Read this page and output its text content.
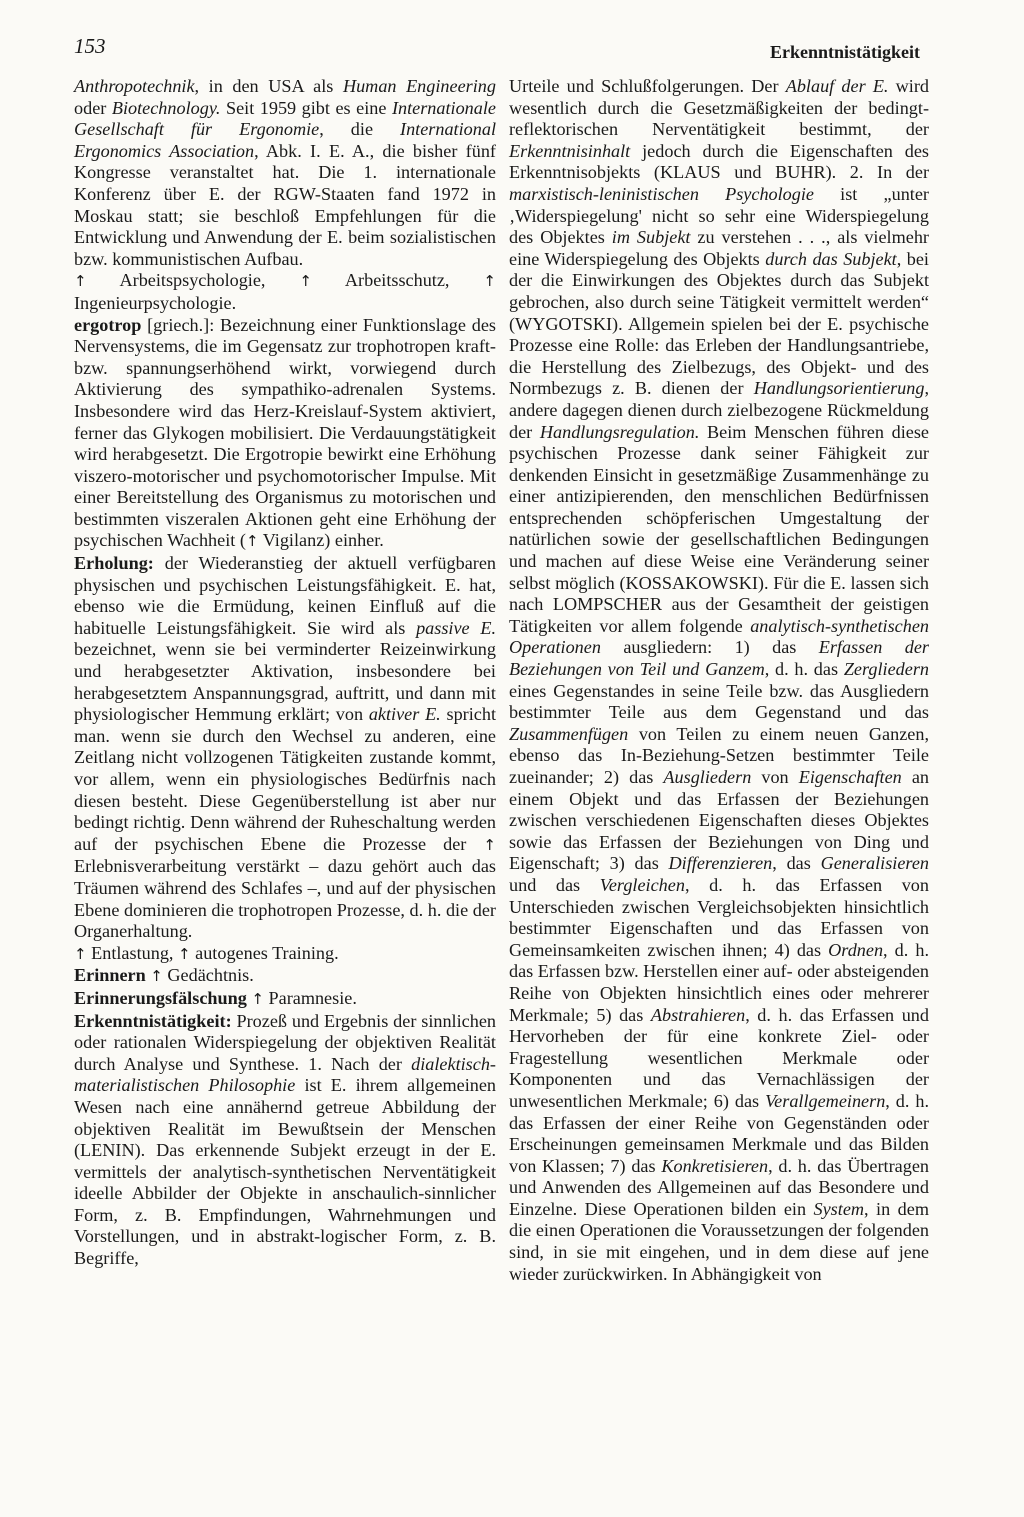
153	Erkenntnistätigkeit

Anthropotechnik, in den USA als Human Engineering oder Biotechnology. Seit 1959 gibt es eine Internationale Gesellschaft für Ergonomie, die International Ergonomics Association, Abk. I. E. A., die bisher fünf Kongresse veranstaltet hat. Die 1. internationale Konferenz über E. der RGW-Staaten fand 1972 in Moskau statt; sie beschloß Empfehlungen für die Entwicklung und Anwendung der E. beim sozialistischen bzw. kommunistischen Aufbau.

↑ Arbeitspsychologie, ↑ Arbeitsschutz, ↑ Ingenieurpsychologie.

ergotrop [griech.]: Bezeichnung einer Funktionslage des Nervensystems, die im Gegensatz zur trophotropen kraft- bzw. spannungserhöhend wirkt, vorwiegend durch Aktivierung des sympathiko-adrenalen Systems. Insbesondere wird das Herz-Kreislauf-System aktiviert, ferner das Glykogen mobilisiert. Die Verdauungstätigkeit wird herabgesetzt. Die Ergotropie bewirkt eine Erhöhung viszero-motorischer und psychomotorischer Impulse. Mit einer Bereitstellung des Organismus zu motorischen und bestimmten viszeralen Aktionen geht eine Erhöhung der psychischen Wachheit (↑ Vigilanz) einher.

Erholung: der Wiederanstieg der aktuell verfügbaren physischen und psychischen Leistungsfähigkeit. E. hat, ebenso wie die Ermüdung, keinen Einfluß auf die habituelle Leistungsfähigkeit. Sie wird als passive E. bezeichnet, wenn sie bei verminderter Reizeinwirkung und herabgesetzter Aktivation, insbesondere bei herabgesetztem Anspannungsgrad, auftritt, und dann mit physiologischer Hemmung erklärt; von aktiver E. spricht man. wenn sie durch den Wechsel zu anderen, eine Zeitlang nicht vollzogenen Tätigkeiten zustande kommt, vor allem, wenn ein physiologisches Bedürfnis nach diesen besteht. Diese Gegenüberstellung ist aber nur bedingt richtig. Denn während der Ruheschaltung werden auf der psychischen Ebene die Prozesse der ↑ Erlebnisverarbeitung verstärkt – dazu gehört auch das Träumen während des Schlafes –, und auf der physischen Ebene dominieren die trophotropen Prozesse, d. h. die der Organerhaltung.

↑ Entlastung, ↑ autogenes Training.

Erinnern ↑ Gedächtnis.

Erinnerungsfälschung ↑ Paramnesie.

Erkenntnistätigkeit: Prozeß und Ergebnis der sinnlichen oder rationalen Widerspiegelung der objektiven Realität durch Analyse und Synthese. 1. Nach der dialektisch-materialistischen Philosophie ist E. ihrem allgemeinen Wesen nach eine annähernd getreue Abbildung der objektiven Realität im Bewußtsein der Menschen (LENIN). Das erkennende Subjekt erzeugt in der E. vermittels der analytisch-synthetischen Nerventätigkeit ideelle Abbilder der Objekte in anschaulich-sinnlicher Form, z. B. Empfindungen, Wahrnehmungen und Vorstellungen, und in abstrakt-logischer Form, z. B. Begriffe,

Urteile und Schlußfolgerungen. Der Ablauf der E. wird wesentlich durch die Gesetzmäßigkeiten der bedingt-reflektorischen Nerventätigkeit bestimmt, der Erkenntnisinhalt jedoch durch die Eigenschaften des Erkenntnisobjekts (KLAUS und BUHR). 2. In der marxistisch-leninistischen Psychologie ist „unter ‚Widerspiegelung' nicht so sehr eine Widerspiegelung des Objektes im Subjekt zu verstehen . . ., als vielmehr eine Widerspiegelung des Objekts durch das Subjekt, bei der die Einwirkungen des Objektes durch das Subjekt gebrochen, also durch seine Tätigkeit vermittelt werden“ (WYGOTSKI). Allgemein spielen bei der E. psychische Prozesse eine Rolle: das Erleben der Handlungsantriebe, die Herstellung des Zielbezugs, des Objekt- und des Normbezugs z. B. dienen der Handlungsorientierung, andere dagegen dienen durch zielbezogene Rückmeldung der Handlungsregulation. Beim Menschen führen diese psychischen Prozesse dank seiner Fähigkeit zur denkenden Einsicht in gesetzmäßige Zusammenhänge zu einer antizipierenden, den menschlichen Bedürfnissen entsprechenden schöpferischen Umgestaltung der natürlichen sowie der gesellschaftlichen Bedingungen und machen auf diese Weise eine Veränderung seiner selbst möglich (KOSSAKOWSKI). Für die E. lassen sich nach LOMPSCHER aus der Gesamtheit der geistigen Tätigkeiten vor allem folgende analytisch-synthetischen Operationen ausgliedern: 1) das Erfassen der Beziehungen von Teil und Ganzem, d. h. das Zergliedern eines Gegenstandes in seine Teile bzw. das Ausgliedern bestimmter Teile aus dem Gegenstand und das Zusammenfügen von Teilen zu einem neuen Ganzen, ebenso das In-Beziehung-Setzen bestimmter Teile zueinander; 2) das Ausgliedern von Eigenschaften an einem Objekt und das Erfassen der Beziehungen zwischen verschiedenen Eigenschaften dieses Objektes sowie das Erfassen der Beziehungen von Ding und Eigenschaft; 3) das Differenzieren, das Generalisieren und das Vergleichen, d. h. das Erfassen von Unterschieden zwischen Vergleichsobjekten hinsichtlich bestimmter Eigenschaften und das Erfassen von Gemeinsamkeiten zwischen ihnen; 4) das Ordnen, d. h. das Erfassen bzw. Herstellen einer auf- oder absteigenden Reihe von Objekten hinsichtlich eines oder mehrerer Merkmale; 5) das Abstrahieren, d. h. das Erfassen und Hervorheben der für eine konkrete Ziel- oder Fragestellung wesentlichen Merkmale oder Komponenten und das Vernachlässigen der unwesentlichen Merkmale; 6) das Verallgemeinern, d. h. das Erfassen der einer Reihe von Gegenständen oder Erscheinungen gemeinsamen Merkmale und das Bilden von Klassen; 7) das Konkretisieren, d. h. das Übertragen und Anwenden des Allgemeinen auf das Besondere und Einzelne. Diese Operationen bilden ein System, in dem die einen Operationen die Voraussetzungen der folgenden sind, in sie mit eingehen, und in dem diese auf jene wieder zurückwirken. In Abhängigkeit von
